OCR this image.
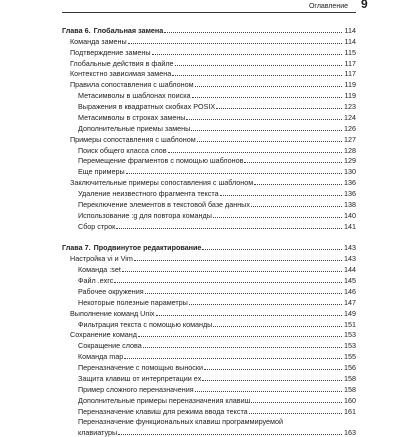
Оглавление 9
Глава 6. Глобальная замена	114
Команда замены	114
Подтверждение замены	115
Глобальные действия в файле	117
Контекстно зависимая замена	117
Правила сопоставления с шаблоном	119
Метасимволы в шаблонах поиска	119
Выражения в квадратных скобках POSIX	123
Метасимволы в строках замены	124
Дополнительные приемы замены	126
Примеры сопоставления с шаблоном	127
Поиск общего класса слов	128
Перемещение фрагментов с помощью шаблонов	129
Еще примеры	130
Заключительные примеры сопоставления с шаблоном	136
Удаление неизвестного фрагмента текста	136
Переключение элементов в текстовой базе данных	138
Использование :g для повтора команды	140
Сбор строк	141
Глава 7. Продвинутое редактирование	143
Настройка vi и Vim	143
Команда :set	144
Файл .exrc	145
Рабочее окружения	146
Некоторые полезные параметры	147
Выполнение команд Unix	149
Фильтрация текста с помощью команды	151
Сохранение команд	153
Сокращение слова	153
Команда map	155
Переназначение с помощью выноски	156
Защита клавиш от интерпретации ex	158
Пример сложного переназначения	158
Дополнительные примеры переназначения клавиш	160
Переназначение клавиш для режима ввода текста	161
Переназначение функциональных клавиш программируемой
клавиатуры	163
